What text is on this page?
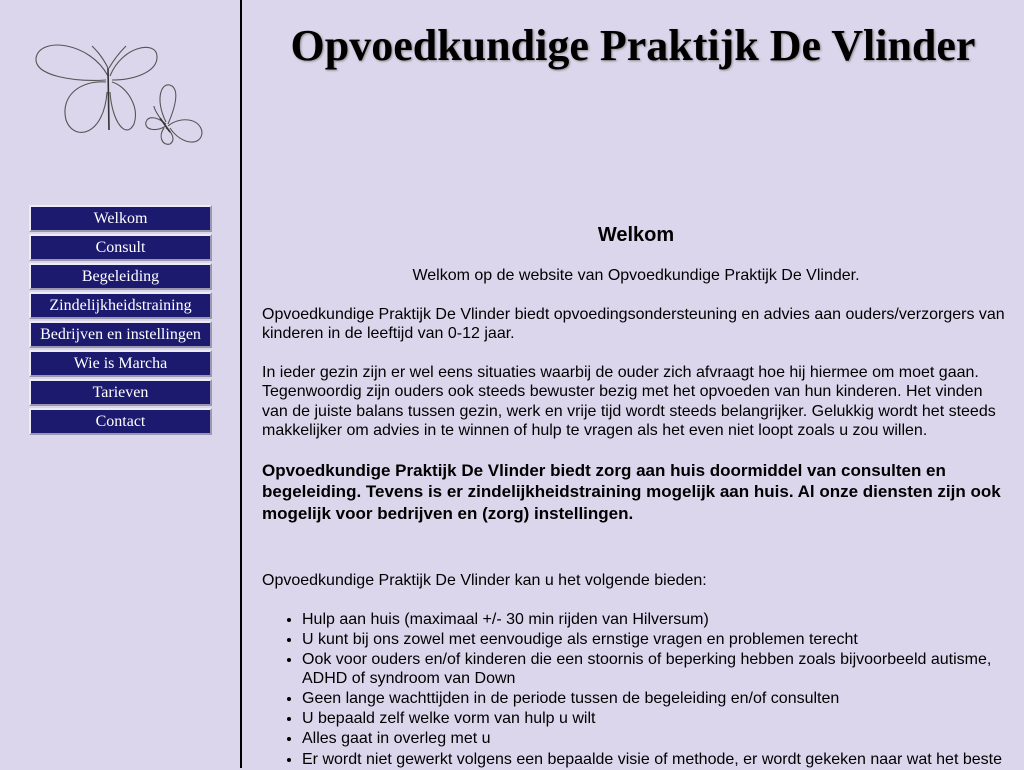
Welkom
Consult
Begeleiding
Zindelijkheidstraining
Bedrijven en instellingen
Wie is Marcha
Tarieven
Contact
Opvoedkundige Praktijk De Vlinder
Welkom

Welkom op de website van Opvoedkundige Praktijk De Vlinder.

Opvoedkundige Praktijk De Vlinder biedt opvoedingsondersteuning en advies aan ouders/verzorgers van kinderen in de leeftijd van 0-12 jaar.

In ieder gezin zijn er wel eens situaties waarbij de ouder zich afvraagt hoe hij hiermee om moet gaan. Tegenwoordig zijn ouders ook steeds bewuster bezig met het opvoeden van hun kinderen. Het vinden van de juiste balans tussen gezin, werk en vrije tijd wordt steeds belangrijker. Gelukkig wordt het steeds makkelijker om advies in te winnen of hulp te vragen als het even niet loopt zoals u zou willen.

Opvoedkundige Praktijk De Vlinder biedt zorg aan huis doormiddel van consulten en begeleiding. Tevens is er zindelijkheidstraining mogelijk aan huis. Al onze diensten zijn ook mogelijk voor bedrijven en (zorg) instellingen.

Opvoedkundige Praktijk De Vlinder kan u het volgende bieden:

• Hulp aan huis (maximaal +/- 30 min rijden van Hilversum)
• U kunt bij ons zowel met eenvoudige als ernstige vragen en problemen terecht
• Ook voor ouders en/of kinderen die een stoornis of beperking hebben zoals bijvoorbeeld autisme, ADHD of syndroom van Down
• Geen lange wachttijden in de periode tussen de begeleiding en/of consulten
• U bepaald zelf welke vorm van hulp u wilt
• Alles gaat in overleg met u
• Er wordt niet gewerkt volgens een bepaalde visie of methode, er wordt gekeken naar wat het beste
